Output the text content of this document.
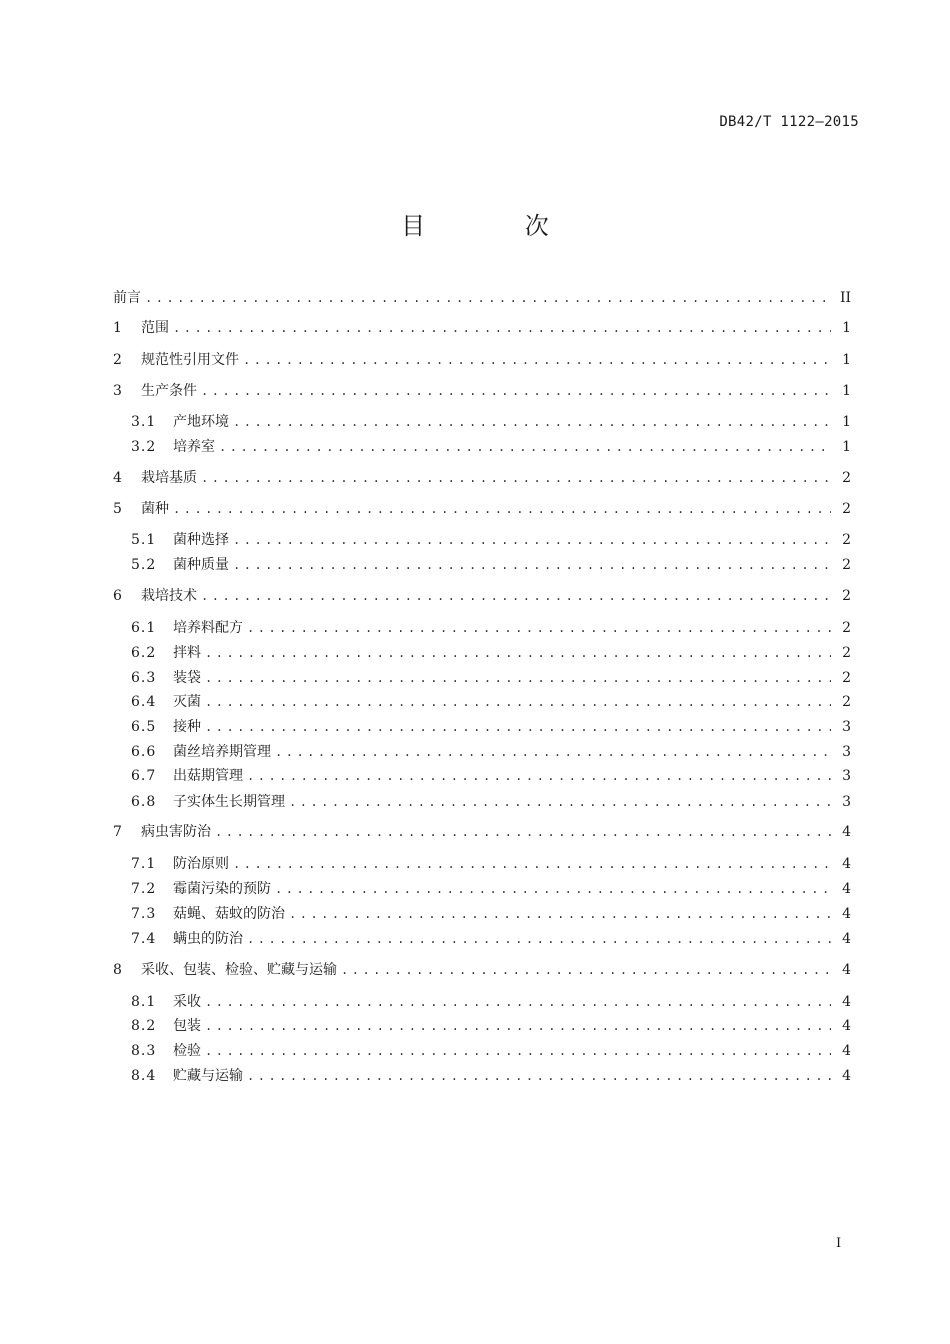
DB42/T 1122—2015
目 次
前言 .....	II
1	范围 .....	1
2	规范性引用文件 .....	1
3	生产条件 .....	1
3.1	产地环境 .....	1
3.2	培养室 .....	1
4	栽培基质 .....	2
5	菌种 .....	2
5.1	菌种选择 .....	2
5.2	菌种质量 .....	2
6	栽培技术 .....	2
6.1	培养料配方 .....	2
6.2	拌料 .....	2
6.3	装袋 .....	2
6.4	灭菌 .....	2
6.5	接种 .....	3
6.6	菌丝培养期管理 .....	3
6.7	出菇期管理 .....	3
6.8	子实体生长期管理 .....	3
7	病虫害防治 .....	4
7.1	防治原则 .....	4
7.2	霉菌污染的预防 .....	4
7.3	菇蝇、菇蚊的防治 .....	4
7.4	螨虫的防治 .....	4
8	采收、包装、检验、贮藏与运输 .....	4
8.1	采收 .....	4
8.2	包装 .....	4
8.3	检验 .....	4
8.4	贮藏与运输 .....	4
I
